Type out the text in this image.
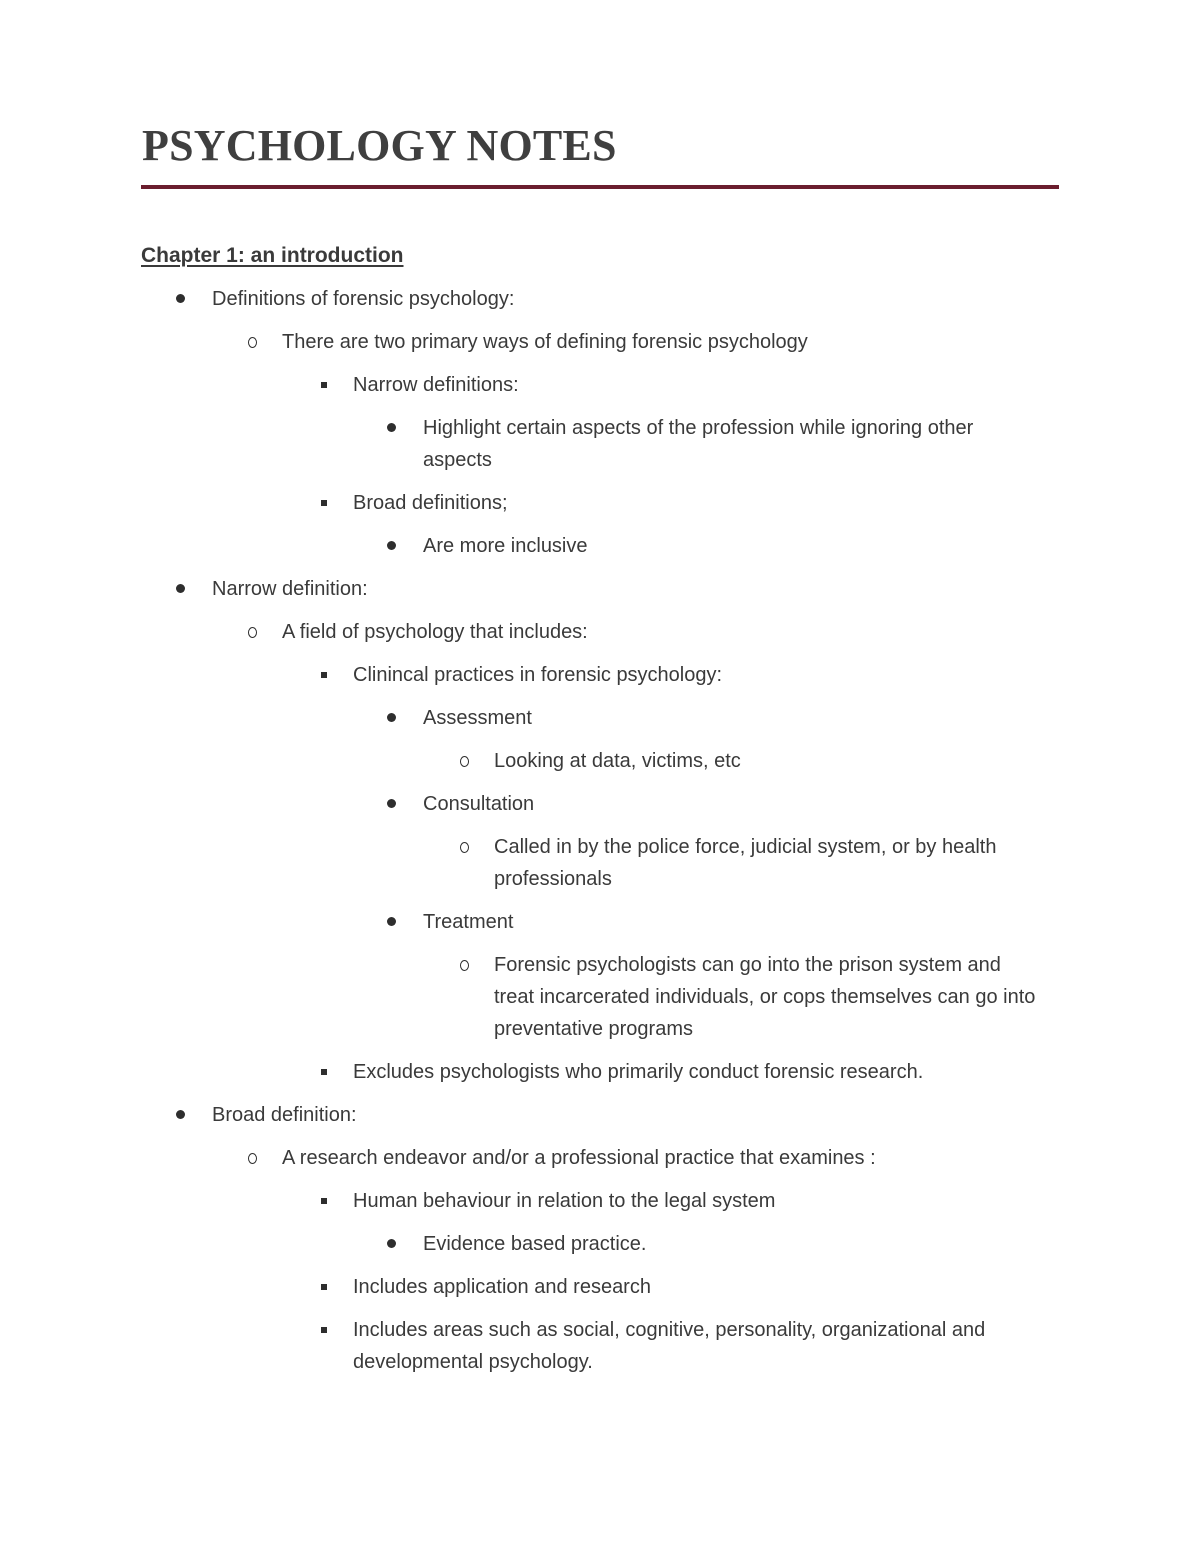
PSYCHOLOGY NOTES
Chapter 1: an introduction

Definitions of forensic psychology:

There are two primary ways of defining forensic psychology

Narrow definitions:

Highlight certain aspects of the profession while ignoring other aspects

Broad definitions;

Are more inclusive

Narrow definition:

A field of psychology that includes:

Clinincal practices in forensic psychology:

Assessment

Looking at data, victims, etc

Consultation

Called in by the police force, judicial system, or by health professionals

Treatment

Forensic psychologists can go into the prison system and treat incarcerated individuals, or cops themselves can go into preventative programs

Excludes psychologists who primarily conduct forensic research.

Broad definition:

A research endeavor and/or a professional practice that examines :

Human behaviour in relation to the legal system

Evidence based practice.

Includes application and research

Includes areas such as social, cognitive, personality, organizational and developmental psychology.
